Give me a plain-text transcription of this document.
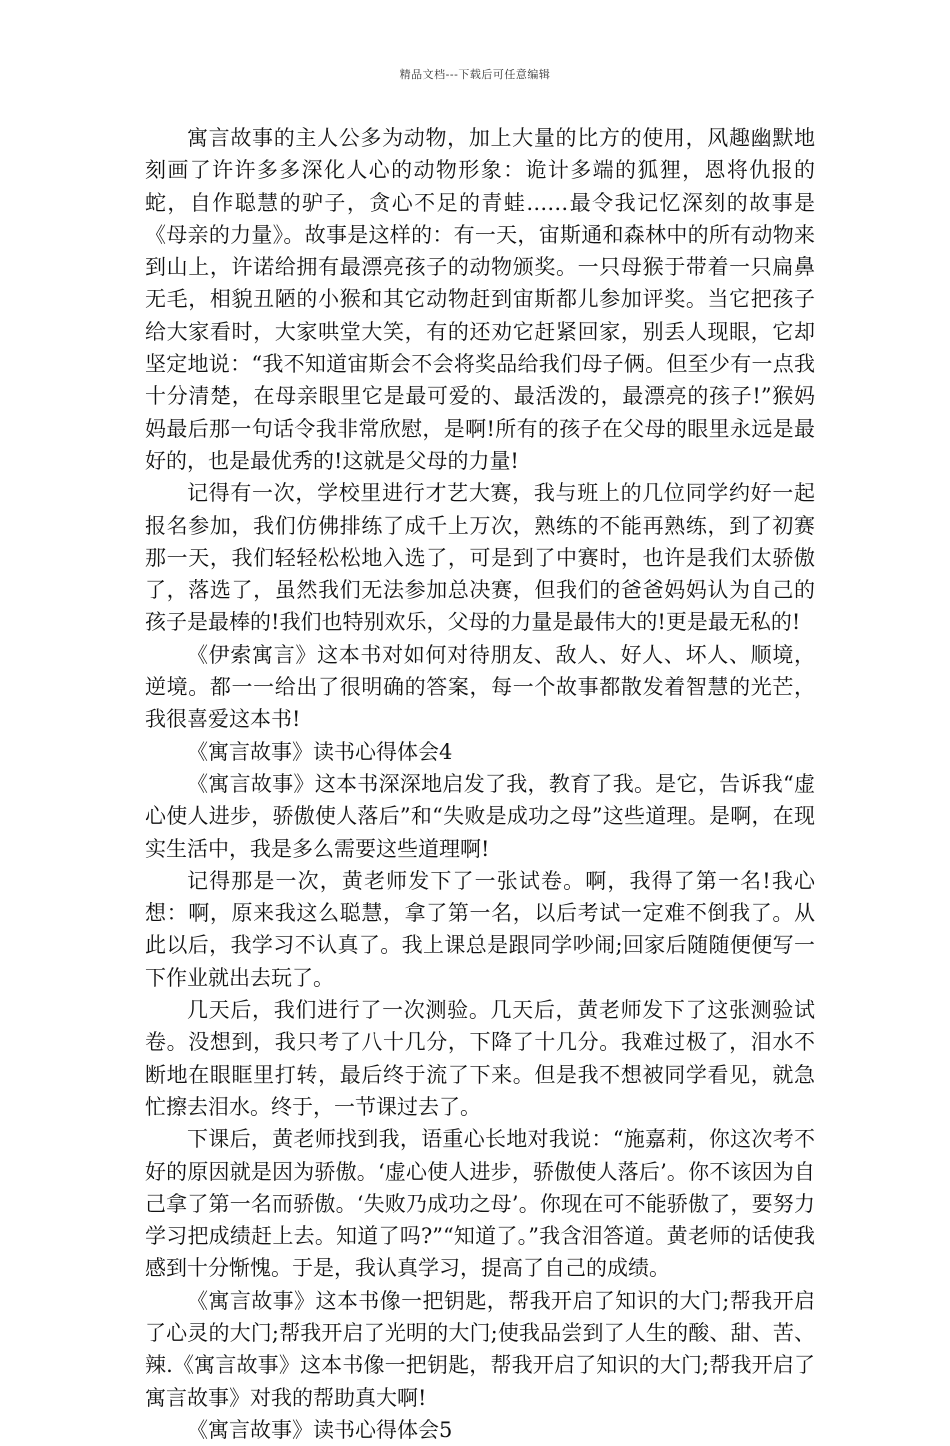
精品文档---下载后可任意编辑

寓言故事的主人公多为动物，加上大量的比方的使用，风趣幽默地刻画了许许多多深化人心的动物形象：诡计多端的狐狸，恩将仇报的蛇，自作聪慧的驴子，贪心不足的青蛙……最令我记忆深刻的故事是《母亲的力量》。故事是这样的：有一天，宙斯通和森林中的所有动物来到山上，许诺给拥有最漂亮孩子的动物颁奖。一只母猴于带着一只扁鼻无毛，相貌丑陋的小猴和其它动物赶到宙斯都儿参加评奖。当它把孩子给大家看时，大家哄堂大笑，有的还劝它赶紧回家，别丢人现眼，它却坚定地说：“我不知道宙斯会不会将奖品给我们母子俩。但至少有一点我十分清楚，在母亲眼里它是最可爱的、最活泼的，最漂亮的孩子!”猴妈妈最后那一句话令我非常欣慰，是啊!所有的孩子在父母的眼里永远是最好的，也是最优秀的!这就是父母的力量!

记得有一次，学校里进行才艺大赛，我与班上的几位同学约好一起报名参加，我们仿佛排练了成千上万次，熟练的不能再熟练，到了初赛那一天，我们轻轻松松地入选了，可是到了中赛时，也许是我们太骄傲了，落选了，虽然我们无法参加总决赛，但我们的爸爸妈妈认为自己的孩子是最棒的!我们也特别欢乐，父母的力量是最伟大的!更是最无私的!

《伊索寓言》这本书对如何对待朋友、敌人、好人、坏人、顺境，逆境。都一一给出了很明确的答案，每一个故事都散发着智慧的光芒，我很喜爱这本书!

《寓言故事》读书心得体会4

《寓言故事》这本书深深地启发了我，教育了我。是它，告诉我“虚心使人进步，骄傲使人落后”和“失败是成功之母”这些道理。是啊，在现实生活中，我是多么需要这些道理啊!

记得那是一次，黄老师发下了一张试卷。啊，我得了第一名!我心想：啊，原来我这么聪慧，拿了第一名，以后考试一定难不倒我了。从此以后，我学习不认真了。我上课总是跟同学吵闹;回家后随随便便写一下作业就出去玩了。

几天后，我们进行了一次测验。几天后，黄老师发下了这张测验试卷。没想到，我只考了八十几分，下降了十几分。我难过极了，泪水不断地在眼眶里打转，最后终于流了下来。但是我不想被同学看见，就急忙擦去泪水。终于，一节课过去了。

下课后，黄老师找到我，语重心长地对我说：“施嘉莉，你这次考不好的原因就是因为骄傲。‘虚心使人进步，骄傲使人落后’。你不该因为自己拿了第一名而骄傲。‘失败乃成功之母’。你现在可不能骄傲了，要努力学习把成绩赶上去。知道了吗?”“知道了。”我含泪答道。黄老师的话使我感到十分惭愧。于是，我认真学习，提高了自己的成绩。

《寓言故事》这本书像一把钥匙，帮我开启了知识的大门;帮我开启了心灵的大门;帮我开启了光明的大门;使我品尝到了人生的酸、甜、苦、辣.《寓言故事》这本书像一把钥匙，帮我开启了知识的大门;帮我开启了寓言故事》对我的帮助真大啊!

《寓言故事》读书心得体会5
